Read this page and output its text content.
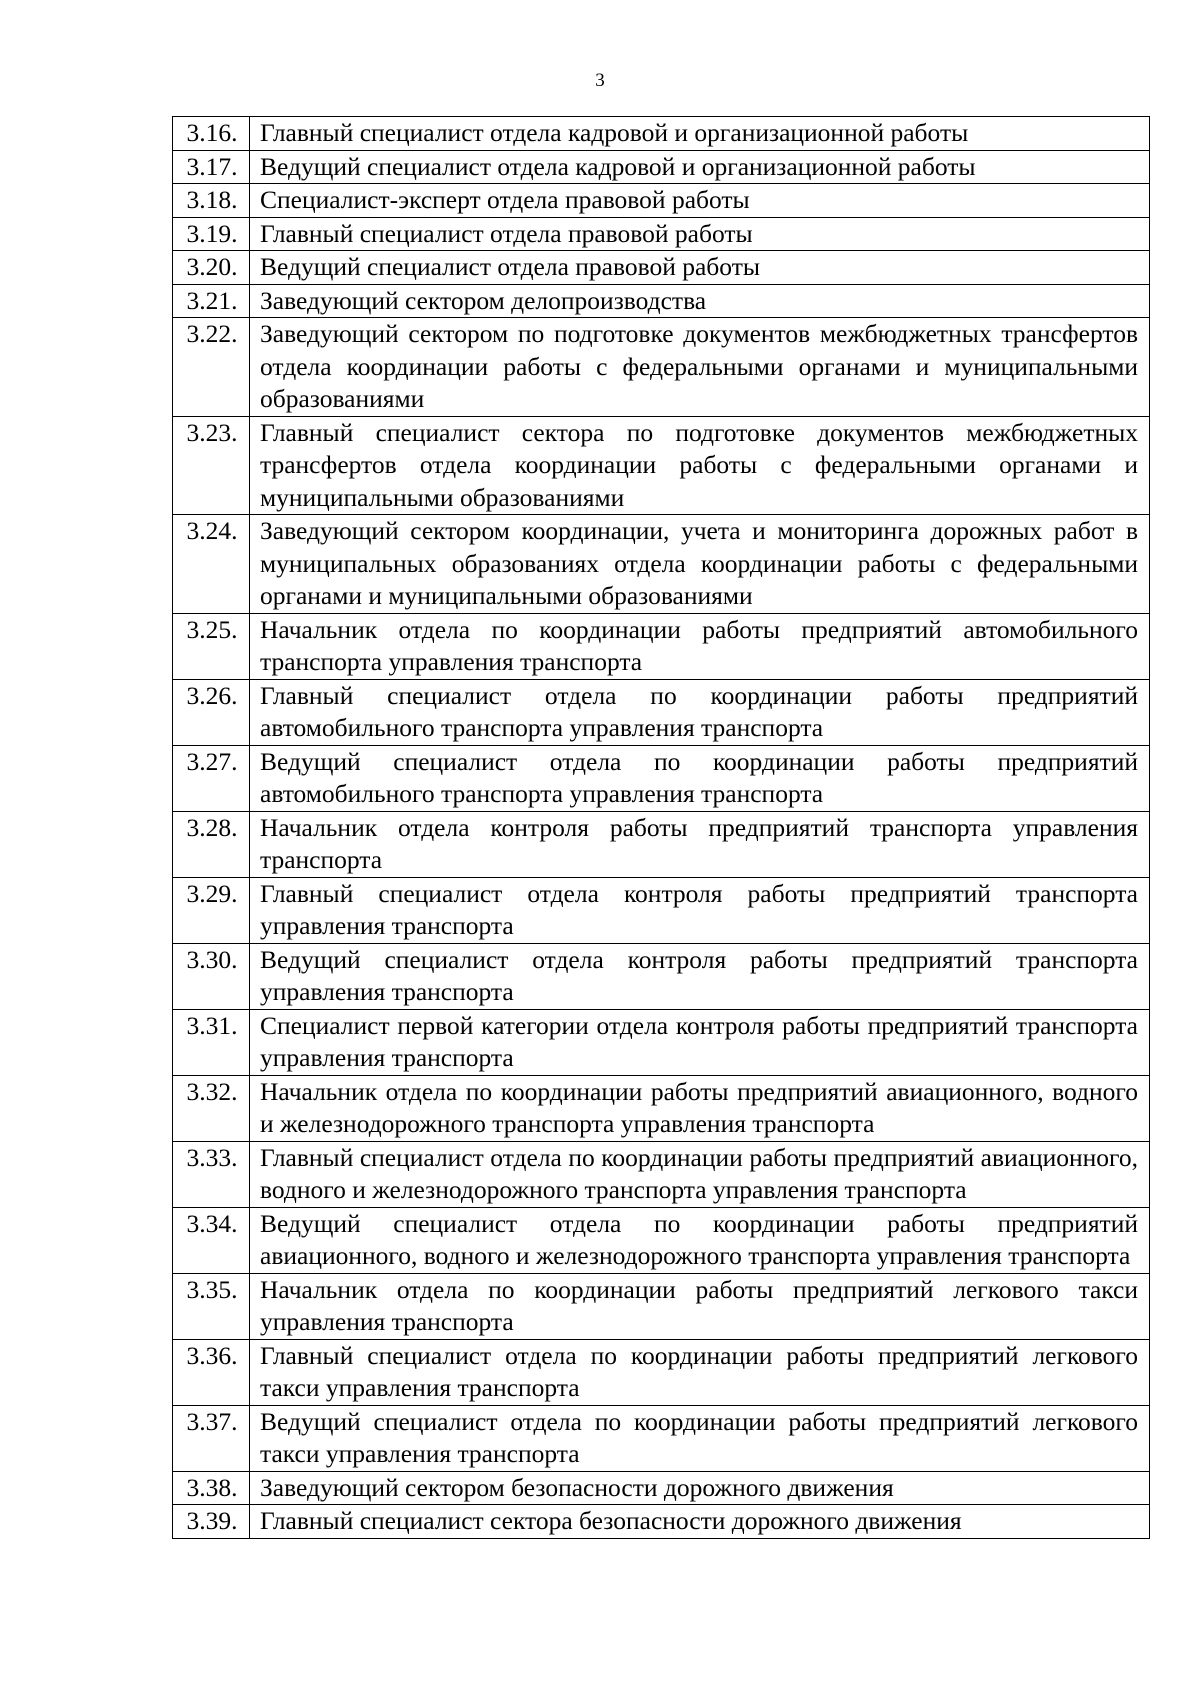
3
3.16.	Главный специалист отдела кадровой и организационной работы
3.17.	Ведущий специалист отдела кадровой и организационной работы
3.18.	Специалист-эксперт отдела правовой работы
3.19.	Главный специалист отдела правовой работы
3.20.	Ведущий специалист отдела правовой работы
3.21.	Заведующий сектором делопроизводства
3.22.	Заведующий сектором по подготовке документов межбюджетных трансфертов отдела координации работы с федеральными органами и муниципальными образованиями
3.23.	Главный специалист сектора по подготовке документов межбюджетных трансфертов отдела координации работы с федеральными органами и муниципальными образованиями
3.24.	Заведующий сектором координации, учета и мониторинга дорожных работ в муниципальных образованиях отдела координации работы с федеральными органами и муниципальными образованиями
3.25.	Начальник отдела по координации работы предприятий автомобильного транспорта управления транспорта
3.26.	Главный специалист отдела по координации работы предприятий автомобильного транспорта управления транспорта
3.27.	Ведущий специалист отдела по координации работы предприятий автомобильного транспорта управления транспорта
3.28.	Начальник отдела контроля работы предприятий транспорта управления транспорта
3.29.	Главный специалист отдела контроля работы предприятий транспорта управления транспорта
3.30.	Ведущий специалист отдела контроля работы предприятий транспорта управления транспорта
3.31.	Специалист первой категории отдела контроля работы предприятий транспорта управления транспорта
3.32.	Начальник отдела по координации работы предприятий авиационного, водного и железнодорожного транспорта управления транспорта
3.33.	Главный специалист отдела по координации работы предприятий авиационного, водного и железнодорожного транспорта управления транспорта
3.34.	Ведущий специалист отдела по координации работы предприятий авиационного, водного и железнодорожного транспорта управления транспорта
3.35.	Начальник отдела по координации работы предприятий легкового такси управления транспорта
3.36.	Главный специалист отдела по координации работы предприятий легкового такси управления транспорта
3.37.	Ведущий специалист отдела по координации работы предприятий легкового такси управления транспорта
3.38.	Заведующий сектором безопасности дорожного движения
3.39.	Главный специалист сектора безопасности дорожного движения
